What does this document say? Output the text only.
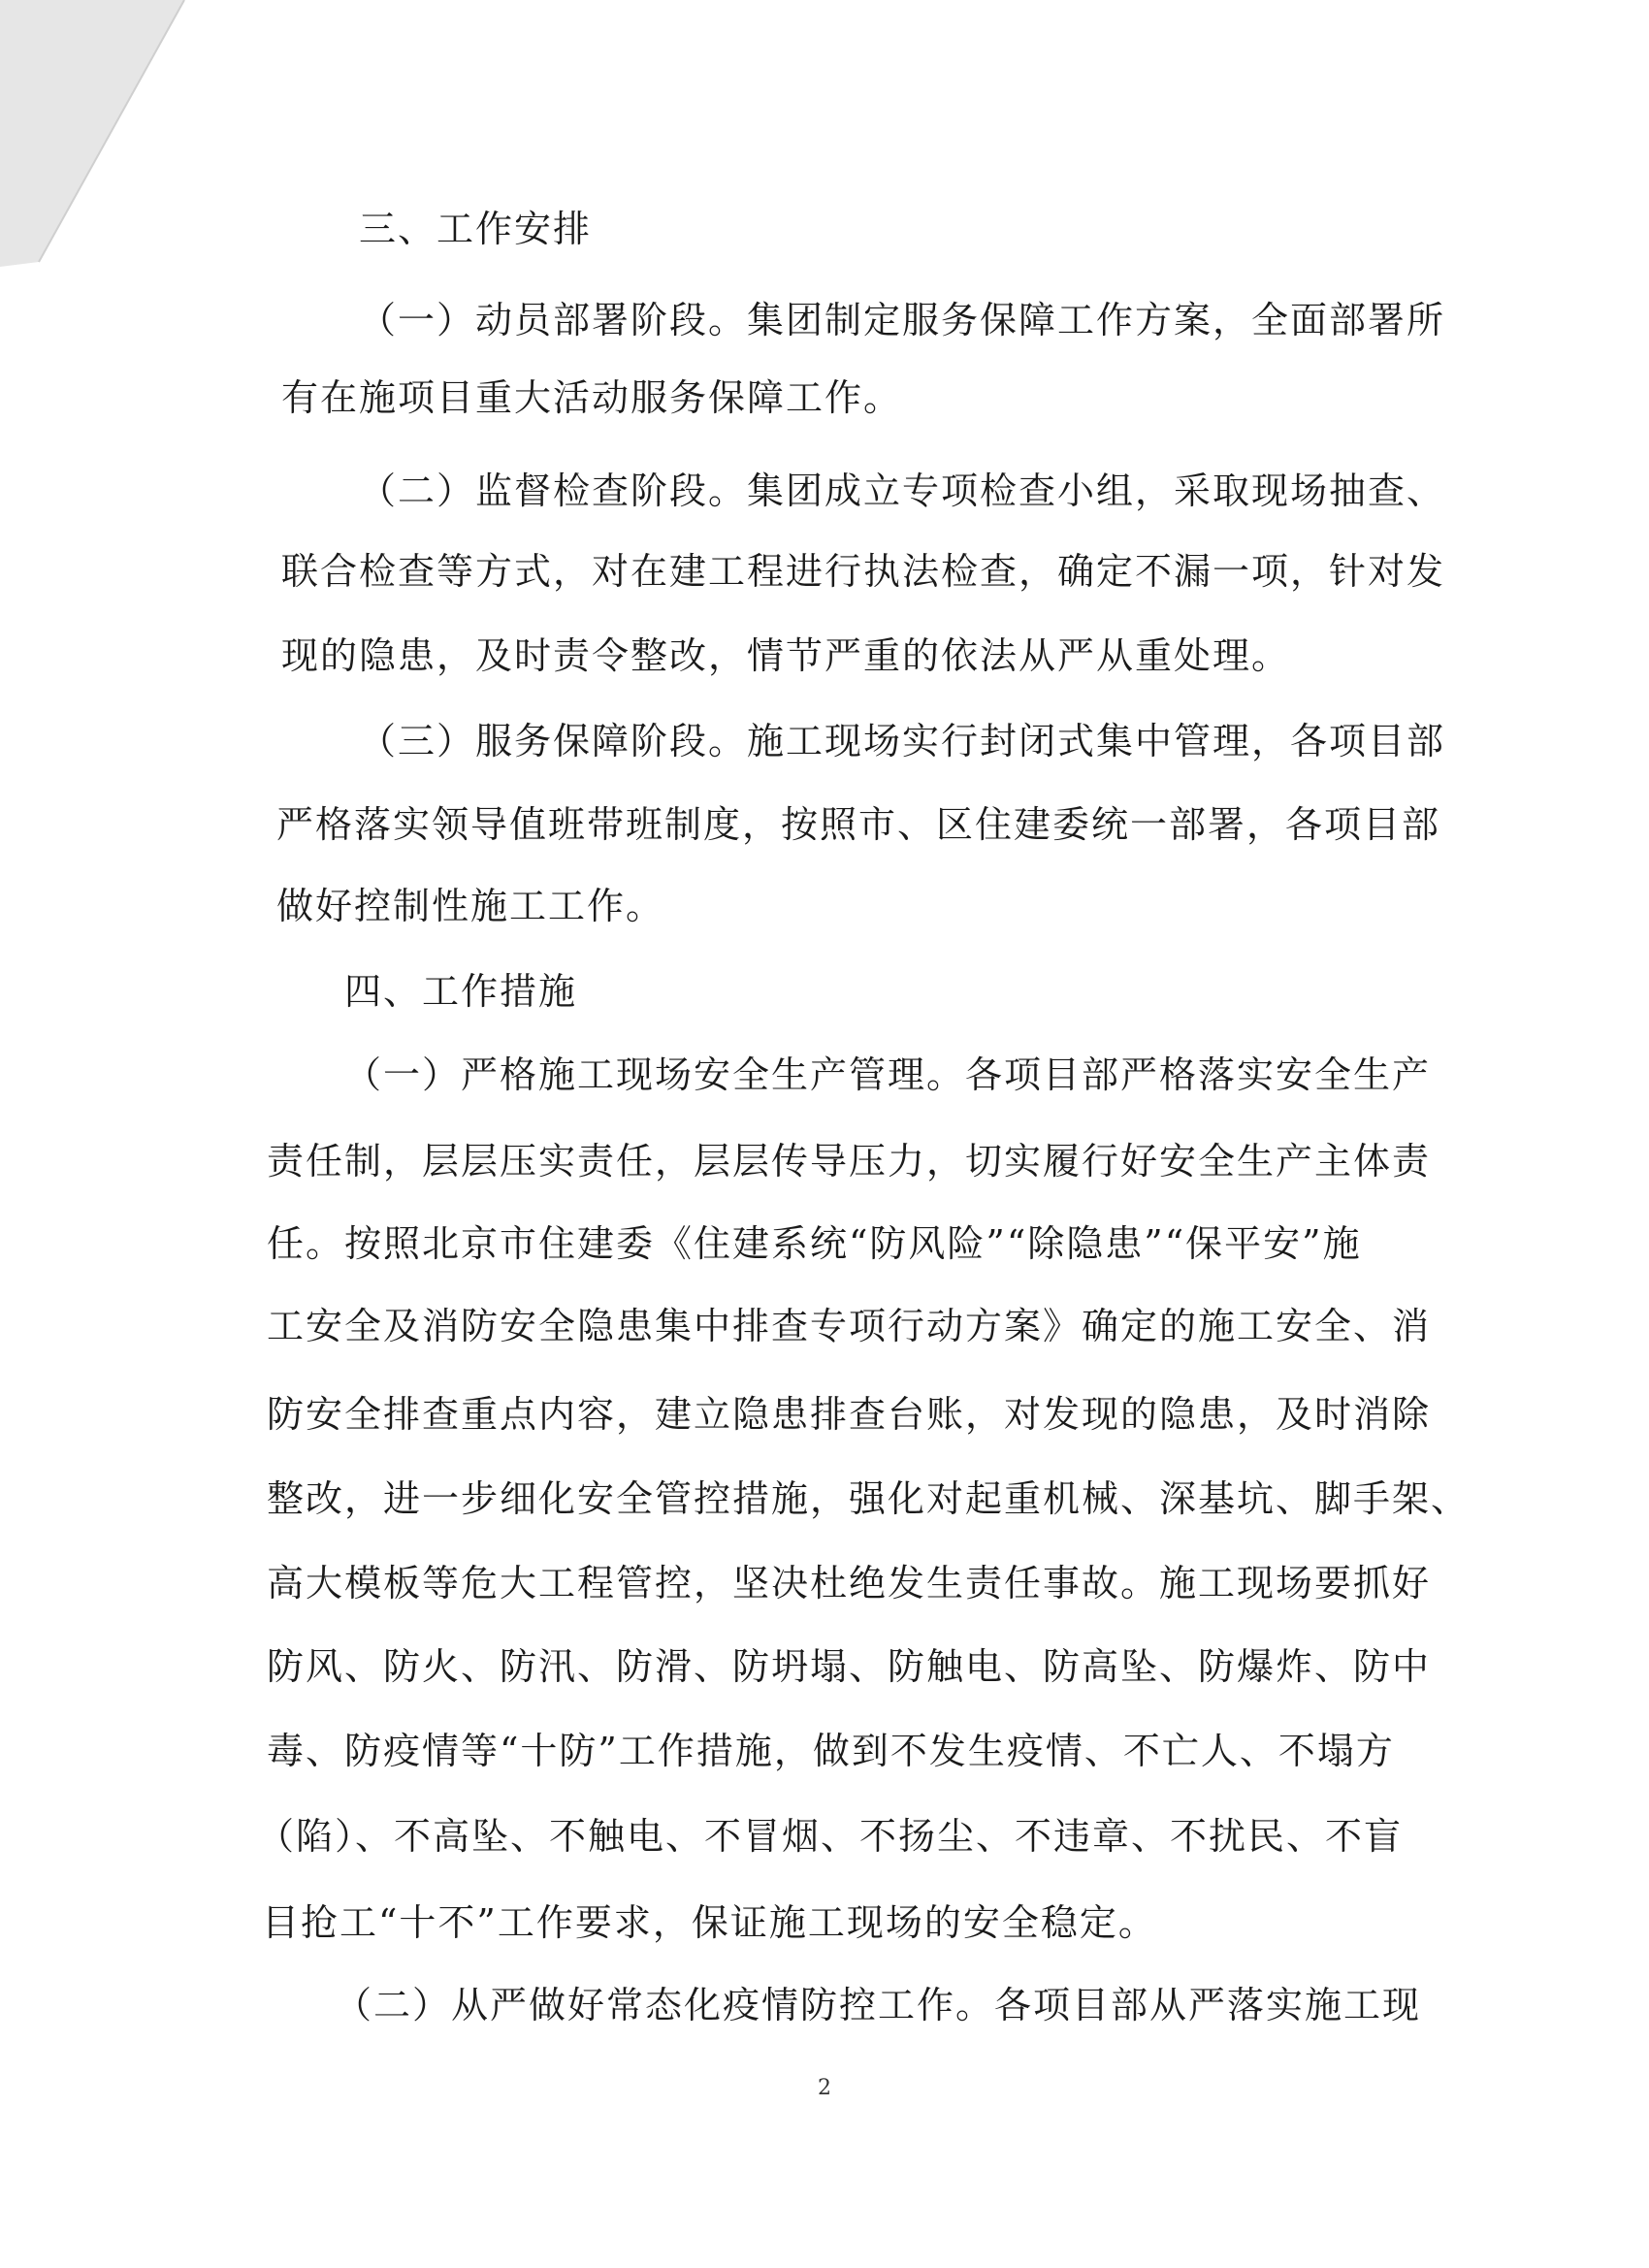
三、工作安排
（一）动员部署阶段。集团制定服务保障工作方案，全面部署所
有在施项目重大活动服务保障工作。
（二）监督检查阶段。集团成立专项检查小组，采取现场抽查、
联合检查等方式，对在建工程进行执法检查，确定不漏一项，针对发
现的隐患，及时责令整改，情节严重的依法从严从重处理。
（三）服务保障阶段。施工现场实行封闭式集中管理，各项目部
严格落实领导值班带班制度，按照市、区住建委统一部署，各项目部
做好控制性施工工作。
四、工作措施
（一）严格施工现场安全生产管理。各项目部严格落实安全生产
责任制，层层压实责任，层层传导压力，切实履行好安全生产主体责
任。按照北京市住建委《住建系统“防风险”“除隐患”“保平安”施
工安全及消防安全隐患集中排查专项行动方案》确定的施工安全、消
防安全排查重点内容，建立隐患排查台账，对发现的隐患，及时消除
整改，进一步细化安全管控措施，强化对起重机械、深基坑、脚手架、
高大模板等危大工程管控，坚决杜绝发生责任事故。施工现场要抓好
防风、防火、防汛、防滑、防坍塌、防触电、防高坠、防爆炸、防中
毒、防疫情等“十防”工作措施，做到不发生疫情、不亡人、不塌方
（陷）、不高坠、不触电、不冒烟、不扬尘、不违章、不扰民、不盲
目抢工“十不”工作要求，保证施工现场的安全稳定。
（二）从严做好常态化疫情防控工作。各项目部从严落实施工现
2
